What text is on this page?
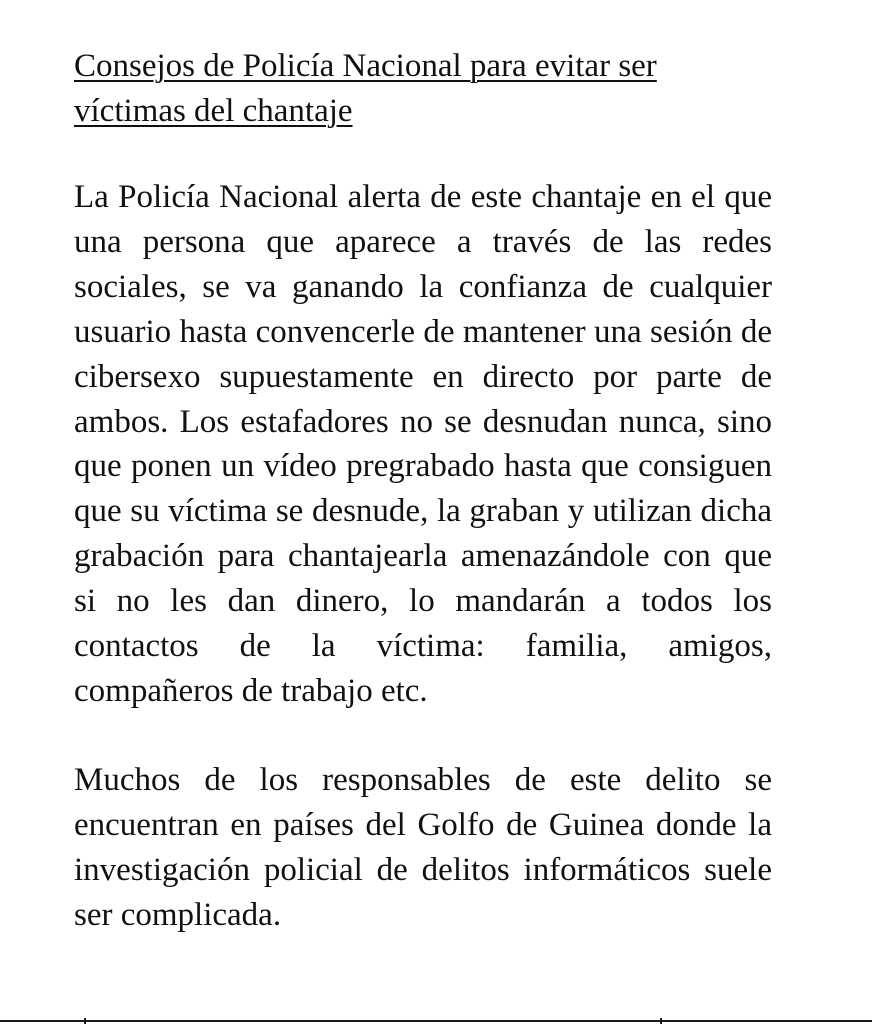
Consejos de Policía Nacional para evitar ser víctimas del chantaje

La Policía Nacional alerta de este chantaje en el que una persona que aparece a través de las redes sociales, se va ganando la confianza de cualquier usuario hasta convencerle de mantener una sesión de cibersexo supuestamente en directo por parte de ambos. Los estafadores no se desnudan nunca, sino que ponen un vídeo pregrabado hasta que consiguen que su víctima se desnude, la graban y utilizan dicha grabación para chantajearla amenazándole con que si no les dan dinero, lo mandarán a todos los contactos de la víctima: familia, amigos, compañeros de trabajo etc.

Muchos de los responsables de este delito se encuentran en países del Golfo de Guinea donde la investigación policial de delitos informáticos suele ser complicada.
